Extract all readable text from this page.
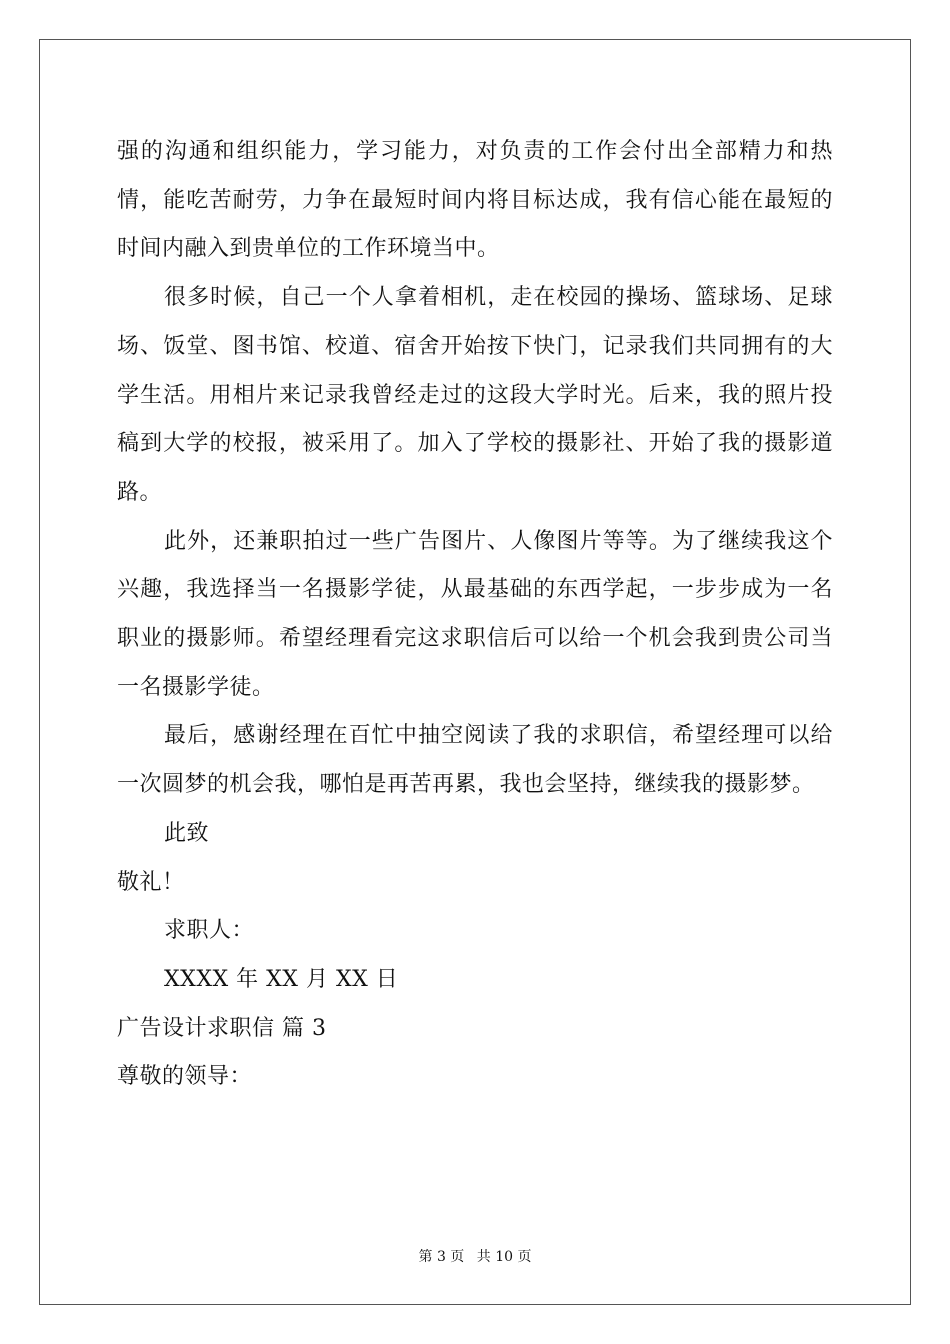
强的沟通和组织能力，学习能力，对负责的工作会付出全部精力和热情，能吃苦耐劳，力争在最短时间内将目标达成，我有信心能在最短的时间内融入到贵单位的工作环境当中。

很多时候，自己一个人拿着相机，走在校园的操场、篮球场、足球场、饭堂、图书馆、校道、宿舍开始按下快门，记录我们共同拥有的大学生活。用相片来记录我曾经走过的这段大学时光。后来，我的照片投稿到大学的校报，被采用了。加入了学校的摄影社、开始了我的摄影道路。

此外，还兼职拍过一些广告图片、人像图片等等。为了继续我这个兴趣，我选择当一名摄影学徒，从最基础的东西学起，一步步成为一名职业的摄影师。希望经理看完这求职信后可以给一个机会我到贵公司当一名摄影学徒。

最后，感谢经理在百忙中抽空阅读了我的求职信，希望经理可以给一次圆梦的机会我，哪怕是再苦再累，我也会坚持，继续我的摄影梦。

此致

敬礼！

求职人：

XXXX 年 XX 月 XX 日

广告设计求职信 篇 3

尊敬的领导：

第 3 页 共 10 页
